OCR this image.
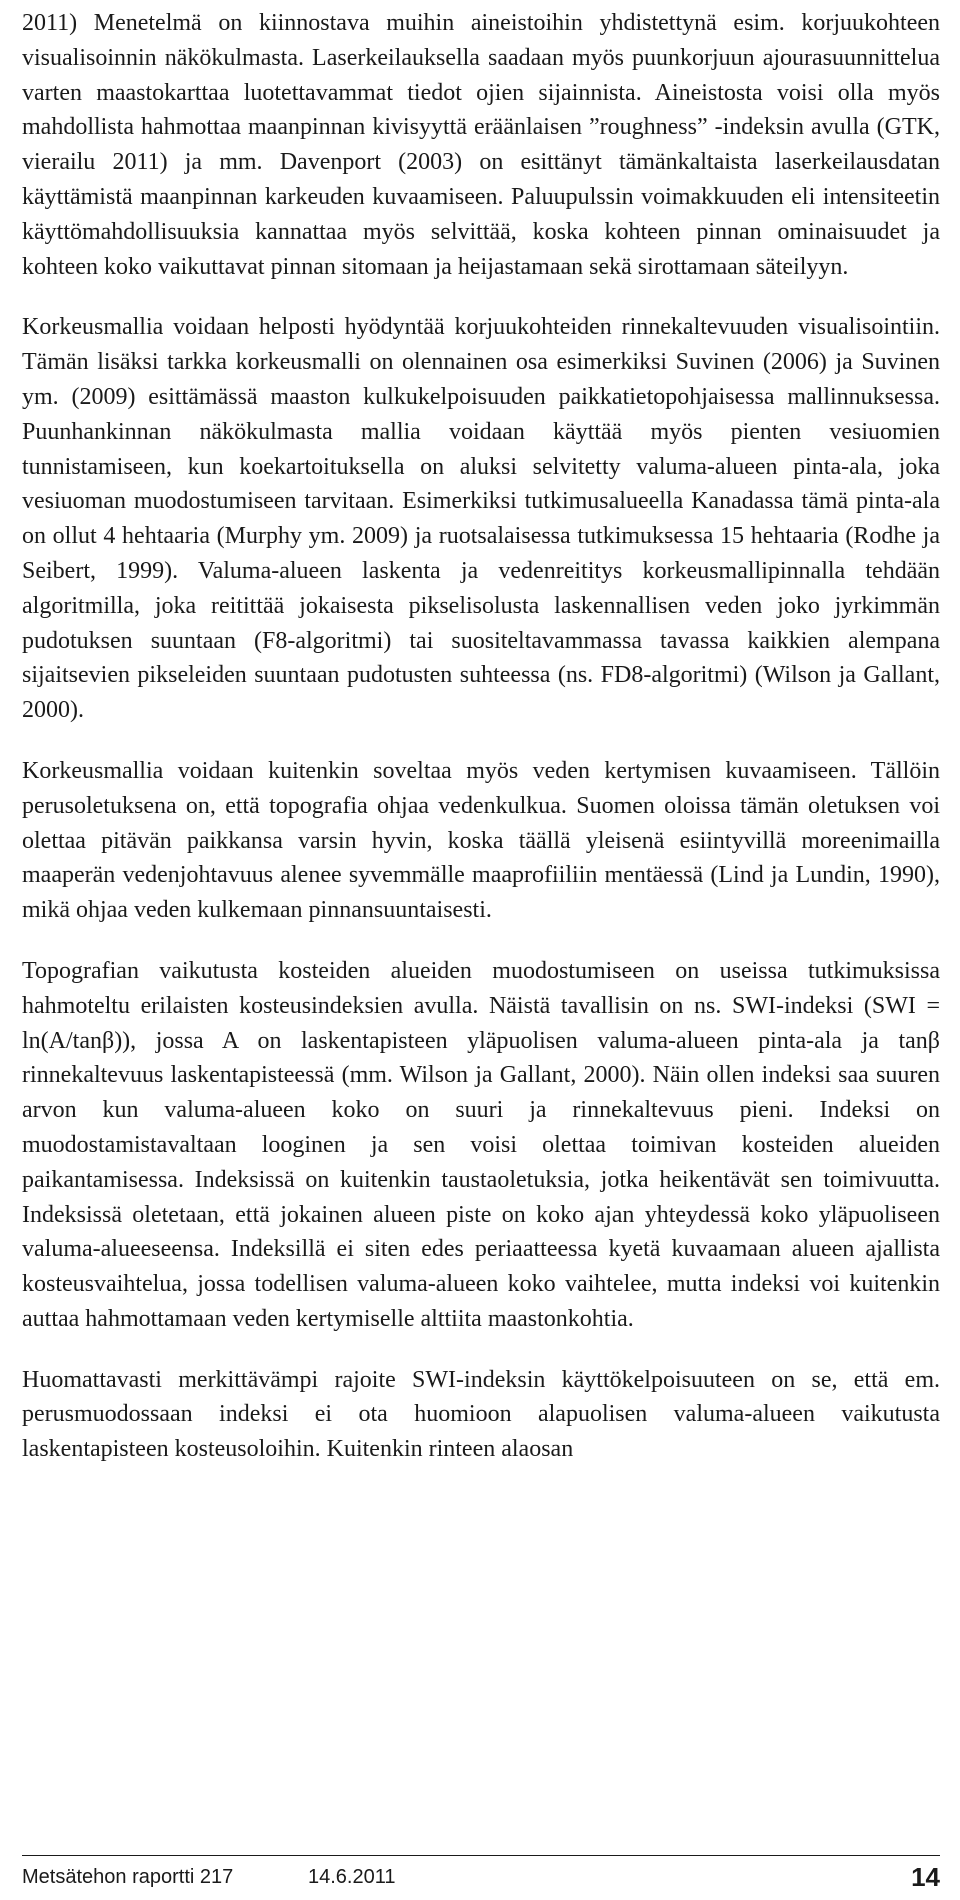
2011) Menetelmä on kiinnostava muihin aineistoihin yhdistettynä esim. korjuukohteen visualisoinnin näkökulmasta. Laserkeilauksella saadaan myös puunkorjuun ajourasuunnittelua varten maastokarttaa luotettavammat tiedot ojien sijainnista. Aineistosta voisi olla myös mahdollista hahmottaa maanpinnan kivisyyttä eräänlaisen ”roughness” -indeksin avulla (GTK, vierailu 2011) ja mm. Davenport (2003) on esittänyt tämänkaltaista laserkeilausdatan käyttämistä maanpinnan karkeuden kuvaamiseen. Paluupulssin voimakkuuden eli intensiteetin käyttömahdollisuuksia kannattaa myös selvittää, koska kohteen pinnan ominaisuudet ja kohteen koko vaikuttavat pinnan sitomaan ja heijastamaan sekä sirottamaan säteilyyn.

Korkeusmallia voidaan helposti hyödyntää korjuukohteiden rinnekaltevuuden visualisointiin. Tämän lisäksi tarkka korkeusmalli on olennainen osa esimerkiksi Suvinen (2006) ja Suvinen ym. (2009) esittämässä maaston kulkukelpoisuuden paikkatietopohjaisessa mallinnuksessa. Puunhankinnan näkökulmasta mallia voidaan käyttää myös pienten vesiuomien tunnistamiseen, kun koekartoituksella on aluksi selvitetty valuma-alueen pinta-ala, joka vesiuoman muodostumiseen tarvitaan. Esimerkiksi tutkimusalueella Kanadassa tämä pinta-ala on ollut 4 hehtaaria (Murphy ym. 2009) ja ruotsalaisessa tutkimuksessa 15 hehtaaria (Rodhe ja Seibert, 1999). Valuma-alueen laskenta ja vedenreititys korkeusmallipinnalla tehdään algoritmilla, joka reitittää jokaisesta pikselisolusta laskennallisen veden joko jyrkimmän pudotuksen suuntaan (F8-algoritmi) tai suositeltavammassa tavassa kaikkien alempana sijaitsevien pikseleiden suuntaan pudotusten suhteessa (ns. FD8-algoritmi) (Wilson ja Gallant, 2000).

Korkeusmallia voidaan kuitenkin soveltaa myös veden kertymisen kuvaamiseen. Tällöin perusoletuksena on, että topografia ohjaa vedenkulkua. Suomen oloissa tämän oletuksen voi olettaa pitävän paikkansa varsin hyvin, koska täällä yleisenä esiintyvillä moreenimailla maaperän vedenjohtavuus alenee syvemmälle maaprofiiliin mentäessä (Lind ja Lundin, 1990), mikä ohjaa veden kulkemaan pinnansuuntaisesti.

Topografian vaikutusta kosteiden alueiden muodostumiseen on useissa tutkimuksissa hahmoteltu erilaisten kosteusindeksien avulla. Näistä tavallisin on ns. SWI-indeksi (SWI = ln(A/tanβ)), jossa A on laskentapisteen yläpuolisen valuma-alueen pinta-ala ja tanβ rinnekaltevuus laskentapisteessä (mm. Wilson ja Gallant, 2000). Näin ollen indeksi saa suuren arvon kun valuma-alueen koko on suuri ja rinnekaltevuus pieni. Indeksi on muodostamistavaltaan looginen ja sen voisi olettaa toimivan kosteiden alueiden paikantamisessa. Indeksissä on kuitenkin taustaoletuksia, jotka heikentävät sen toimivuutta. Indeksissä oletetaan, että jokainen alueen piste on koko ajan yhteydessä koko yläpuoliseen valuma-alueeseensa. Indeksillä ei siten edes periaatteessa kyetä kuvaamaan alueen ajallista kosteusvaihtelua, jossa todellisen valuma-alueen koko vaihtelee, mutta indeksi voi kuitenkin auttaa hahmottamaan veden kertymiselle alttiita maastonkohtia.

Huomattavasti merkittävämpi rajoite SWI-indeksin käyttökelpoisuuteen on se, että em. perusmuodossaan indeksi ei ota huomioon alapuolisen valuma-alueen vaikutusta laskentapisteen kosteusoloihin. Kuitenkin rinteen alaosan

Metsätehon raportti 217	14.6.2011	14
